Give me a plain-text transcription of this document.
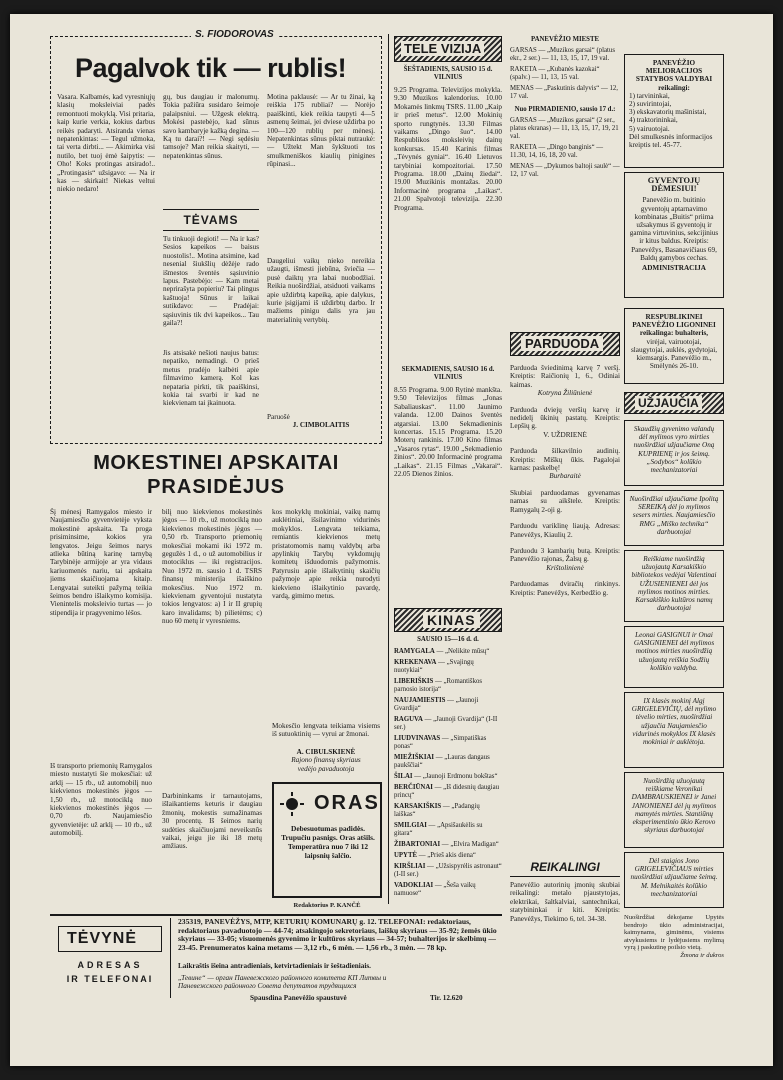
S. FIODOROVAS
Pagalvok tik — rublis!
Vasara. Kalbamės, kad vyresniųjų klasių moksleiviai padės remontuoti mokyklą. Visi pritaria, kaip kurie verkia, kokius darbus reikės padaryti. Atsiranda vienas nepatenkintas: — Tegul užmoka, tai verta dirbti... — Akimirka visi nutilo, bet tuoj ėmė šaipytis: — Oho! Koks protingas atsirado!.. „Protingasis“ užsigavo: — Na ir kas — skirkait! Niekas veltui niekio nedaro!
gų, bus daugiau ir malonumų. Tokia pažiūra susidaro šeimoje palaipsniui. — Užgesk elektrą. Mokėsi pastebėjo, kad sūnus savo kambaryje kažką degina. — Ką tu darai?! — Negi sędėsiu tamsoje? Man reikia skaityti, — nepatenkintas sūnus.
TĖVAMS
Tu tinkuoji degioti! — Na ir kas? Sesios kapeikos — baisus nuostolis!.. Motina atsimine, kad nesenial šiukšlių dėžėje rado išmestos šventės sąsiuvinio lapus. Pastebėjo: — Kam metai neprirašyta popieriu? Tai plingus kaštuoja! Sūnus ir laikai sutikdavo: — Pradėjai: sąsiuvinis tik dvi kapeikos... Tau gaila?!
Jis atsisakė nešioti naujus batus: nepatiko, nemadingi. O prieš metus pradėjo kalbėti apie filmavimo kamerą. Kol kas nepataria pirkti, tik paaiškinsi, kokia tai svarbi ir kad ne kiekvienam tai įkainuota.
Motina paklausė: — Ar tu žinai, ką reiškia 175 rubliai? — Norėjo paaiškinti, kiek reikia taupyti 4—5 asmenų šeimai, jei dviese uždirba po 100—120 rublių per mėnesį. Nepatenkintas sūnus piktai nutraukė: — Užtekt Man šykštuoti tos smulkmeniškos kiaulių pinigines rūpinasi...
Daugeliui vaikų nieko nereikia užaugti, išmesti jiebūna, šviečia — pusė daiktų yra labai nuobodžiai. Reikia nuoširdžiai, atsiduoti vaikams apie uždirbtą kapeiką, apie dalykus, kurie įsigijami iš uždirbtų darbo. Ir mažiems pinigu dalis yra jau materialinių vertybių.
Paruošė
J. CIMBOLAITIS
MOKESTINEI APSKAITAI
PRASIDĖJUS
Šį mėnesį Ramygalos miesto ir Naujamiesčio gyvenvietėje vyksta mokestinė apskaita. Ta proga prisiminsime, kokios yra lengvatos. Jeigu šeimos narys atlieka būtiną karinę tarnybą Tarybinėje armijoje ar yra vidaus kariuomenės nariu, tai apskaita jiems skaičiuojama kitaip. Lengvatai suteikti pažymą teikia šeimos bendro išlaikymo komisija. Vienintelis moksleivio turtas — jo stipendija ir pragyvenimo lėšos.
Iš transporto priemonių Ramygalos miesto nustatyti šie mokesčiai: už arklį — 15 rb., už automobilį nuo kiekvienos mokestinės jėgos — 1,50 rb., už motociklą nuo kiekvienos mokestinės jėgos — 0,70 rb. Naujamiesčio gyvenvietėje: už arklį — 10 rb., už automobilį.
bilį nuo kiekvienos mokestinės jėgos — 10 rb., už motociklą nuo kiekvienos mokestinės jėgos — 0,50 rb. Transporto priemonių mokesčiai mokami iki 1972 m. gegužės 1 d., o už automobilius ir motociklus — iki registracijos. Nuo 1972 m. sausio 1 d. TSRS finansų ministerija išaiškino mokesčius. Nuo 1972 m. kiekvienam gyventojui nustatyta tokios lengvatos: a) I ir II grupių karo invalidams; b) pilietėms; c) nuo 60 metų ir vyresniems.
Darbininkams ir tarnautojams, išlaikantiems keturis ir daugiau žmonių, mokestis sumažinamas 30 procentų. Iš šeimos narių sudėties skaičiuojami neveiksnūs vaikai, jeigu jie iki 18 metų amžiaus.
kos mokyklų mokiniai, vaikų namų auklėtiniai, išsilavinimo vidurinės mokyklos. Lengvata teikiama, remiantis kiekvienos metų pristatomomis namų valdybų arba apylinkių Tarybų vykdomųjų komitetų išduodomis pažymomis. Patyrusiu apie išlaikytinių skaičių pažymoje apie reikia nurodyti kiekvieno išlaikytinio pavardę, vardą, gimimo metus.
Mokesčio lengvata teikiama visiems iš sutuoktinių — vyrui ar žmonai.
A. CIBULSKIENĖ
Rajono finansų skyriaus
vedėjo pavaduotoja
ORAS
Debesuotumas padidės. Trupučiu pasnigs. Oras atšils. Temperatūra nuo 7 iki 12 laipsnių šalčio.
Redaktorius P. KANČĖ
TELE VIZIJA
ŠEŠTADIENIS, SAUSIO 15 d.
VILNIUS
9.25 Programa. Televizijos mokykla. 9.30 Muzikos kalendorius. 10.00 Mokamės linkmų TSRS. 11.00 „Kaip ir prieš metus“. 12.00 Mokinių sporto rungtynės. 13.30 Filmas vaikams „Dingo šuo“. 14.00 Respublikos moksleivių dainų konkursas. 15.40 Karinis filmas „Tėvynės gyniai“. 16.40 Lietuvos tarybiniai kompozitoriai. 17.50 Programa. 18.00 „Dainų žiedai“. 19.00 Muzikinis montažas. 20.00 Informacinė programa „Laikas“. 21.00 Spalvotoji televizija. 22.30 Programa.
SEKMADIENIS, SAUSIO 16 d.
VILNIUS
8.55 Programa. 9.00 Rytinė mankšta. 9.50 Televizijos filmas „Jonas Sabaliauskas“. 11.00 Jaunimo valanda. 12.00 Dainos šventės atgarsiai. 13.00 Sekmadieninis koncertas. 15.15 Programa. 15.20 Moterų rankinis. 17.00 Kino filmas „Vasaros rytas“. 19.00 „Sekmadienio žinios“. 20.00 Informacinė programa „Laikas“. 21.15 Filmas „Vakarai“. 22.05 Dienos žinios.
KINAS
SAUSIO 15—16 d. d.
RAMYGALA — „Nelikite mūsų“
KREKENAVA — „Svajingų nuotykiai“
LIBERIŠKIS — „Romantiškos parnosio istorija“
NAUJAMIESTIS — „Jaunoji Gvardija“
RAGUVA — „Jaunoji Gvardija“ (I-II ser.)
LIUDVINAVAS — „Simpatiškas ponas“
MIEŽIŠKIAI — „Lauras dangaus paukščiai“
ŠILAI — „Jaunoji Erdmonu bokštas“
BERČIŪNAI — „Iš didesnių daugiau princų“
KARSAKIŠKIS — „Padangių laiškas“
SMILGIAI — „Apsišaukėlis su gitara“
ŽIBARTONIAI — „Elvira Madigan“
UPYTĖ — „Prieš akis diena“
KIRŠLIAI — „Užsispyrėlis astronaut“ (I-II ser.)
VADOKLIAI — „Šeša vaikų namuose“
PANEVĖŽIO MIESTE
GARSAS — „Muzikos garsai“ (platus ekr., 2 ser.) — 11, 13, 15, 17, 19 val.
RAKETA — „Kubanės kazokai“ (spalv.) — 11, 13, 15 val.
MENAS — „Paskutinis dalyvis“ — 12, 17 val.
Nuo PIRMADIENIO, sausio 17 d.:
GARSAS — „Muzikos garsai“ (2 ser., platus ekranas) — 11, 13, 15, 17, 19, 21 val.
RAKETA — „Dingo banginis“ — 11.30, 14, 16, 18, 20 val.
MENAS — „Dykumos baltoji saulė“ — 12, 17 val.
PARDUODA
Parduoda šviedinimą karvę 7 veršį. Kreiptis: Raičionių 1, 6., Odiniai kaimas.
Kotryna Žiliūnienė
Parduoda dviejų veršių karvę ir nedidelį ūkinių pastatų. Kreiptis: Lepšių g.
V. UŽDRIENĖ
Parduoda šilkavilnio audinių. Kreiptis: Miškų ūkis. Pagalojai karnas: paskelbę!
Burbaraitė
Skubiai parduodamas gyvenamas namas su aikštele. Kreiptis: Ramygalų 2-oji g.
Parduodu variklinę liaują. Adresas: Panevėžys, Kiaulių 2.
Parduodu 3 kambarių butą. Kreiptis: Panevėžio rajonas, Žalsų g.
Krištolinienė
Parduodamas dviračių rinkinys. Kreiptis: Panevėžys, Kerbedžio g.
REIKALINGI
Panevėžio autorinių įmonių skubiai reikalingi: metalo pjaustytojas, elektrikai, šaltkalviai, santechnikai, statybininkai ir kiti. Kreiptis: Panevėžys, Tiekimo 6, tel. 34-38.
PANEVĖŽIO MELIORACIJOS STATYBOS VALDYBAI reikalingi:
1) tarvininkai,
2) suvirintojai,
3) ekskavatorių mašinistai,
4) traktorininkai,
5) vairuotojai.
Dėl smulkesnės informacijos kreiptis tel. 45-77.
GYVENTOJŲ DĖMESIUI!
Panevėžio m. buitinio gyventojų aptarnavimo kombinatas „Buitis“ priima užsakymus iš gyventojų ir gamina virtuvinius, sekcijinius ir kitus baldus. Kreiptis: Panevėžys, Basanavičiaus 69, Baldų gamybos cechas.
ADMINISTRACIJA
RESPUBLIKINEI PANEVĖŽIO LIGONINEI reikalinga: buhalteris,
virėjai, vairuotojai, slaugytojai, auklės, gydytojai, kiemsargis. Panevėžio m., Smėlynės 26-10.
UŽJAUČIA
Skaudžių gyvenimo valandų dėl mylimos vyro mirties nuoširdžiai užjaučiame Oną KUPRIENĘ ir jos šeimą. „Sodybos“ kolūkio mechanizatoriai
Nuoširdžiai užjaučiame Ipolitą SEREIKĄ dėl jo mylimos sesers mirties. Naujamiesčio RMG „Miško technika“ darbuotojai
Reiškiame nuoširdžią užuojautą Karsakiškio bibliotekos vedėjai Valentinai UŽUSIENIENEI dėl jos mylimos motinos mirties. Karsakiškio kultūros namų darbuotojai
Leonai GASIGNUI ir Onai GASIGNIENEI dėl mylimos motinos mirties nuoširdžią užuojautą reiškia Sodžių kolūkio valdyba.
IX klasės mokinį Algį GRIGELEVIČIŲ, dėl mylimo tėvelio mirties, nuoširdžiai užjaučia Naujamiesčio vidurinės mokyklos IX klasės mokiniai ir auklėtoja.
Nuoširdžią užuojautą reiškiame Veronikai DAMBRAUSKIENEI ir Janei JANONIENEI dėl jų mylimos mamytės mirties. Stantiūnų eksperimentinio ūkio Kerovo skyriaus darbuotojai
Dėl staigios Jono GRIGELEVIČIAUS mirties nuoširdžiai užjaučiame šeimą. M. Melnikaitės kolūkio mechanizatoriai
Nuoširdžiai dėkojame Upytės bendrojo ūkio administracijai, kaimynams, giminėms, visiems atvykusiems ir lydėjusiems mylimą vyrą į paskutinę poilsio vietą.
Žmona ir dukros
TĖVYNĖ
ADRESAS
IR TELEFONAI
235319, PANEVĖŽYS, MTP, KETURIŲ KOMUNARŲ g. 12. TELEFONAI: redaktoriaus, redaktoriaus pavaduotojo — 44-74; atsakingojo sekretoriaus, laiškų skyriaus — 35-92; žemės ūkio skyriaus — 33-05; visuomenės gyvenimo ir kultūros skyriaus — 34-57; buhalterijos ir skelbimų — 23-45. Prenumeratos kaina metams — 3,12 rb., 6 mėn. — 1,56 rb., 3 mėn. — 78 kp.
Laikraštis išeina antradieniais, ketvirtadieniais ir šeštadieniais.
„Тевине“ — орган Паневежского районного комитета КП Литвы и
Паневежского районного Совета депутатов трудящихся
Spausdina Panevėžio spaustuvė	Tir. 12.620
